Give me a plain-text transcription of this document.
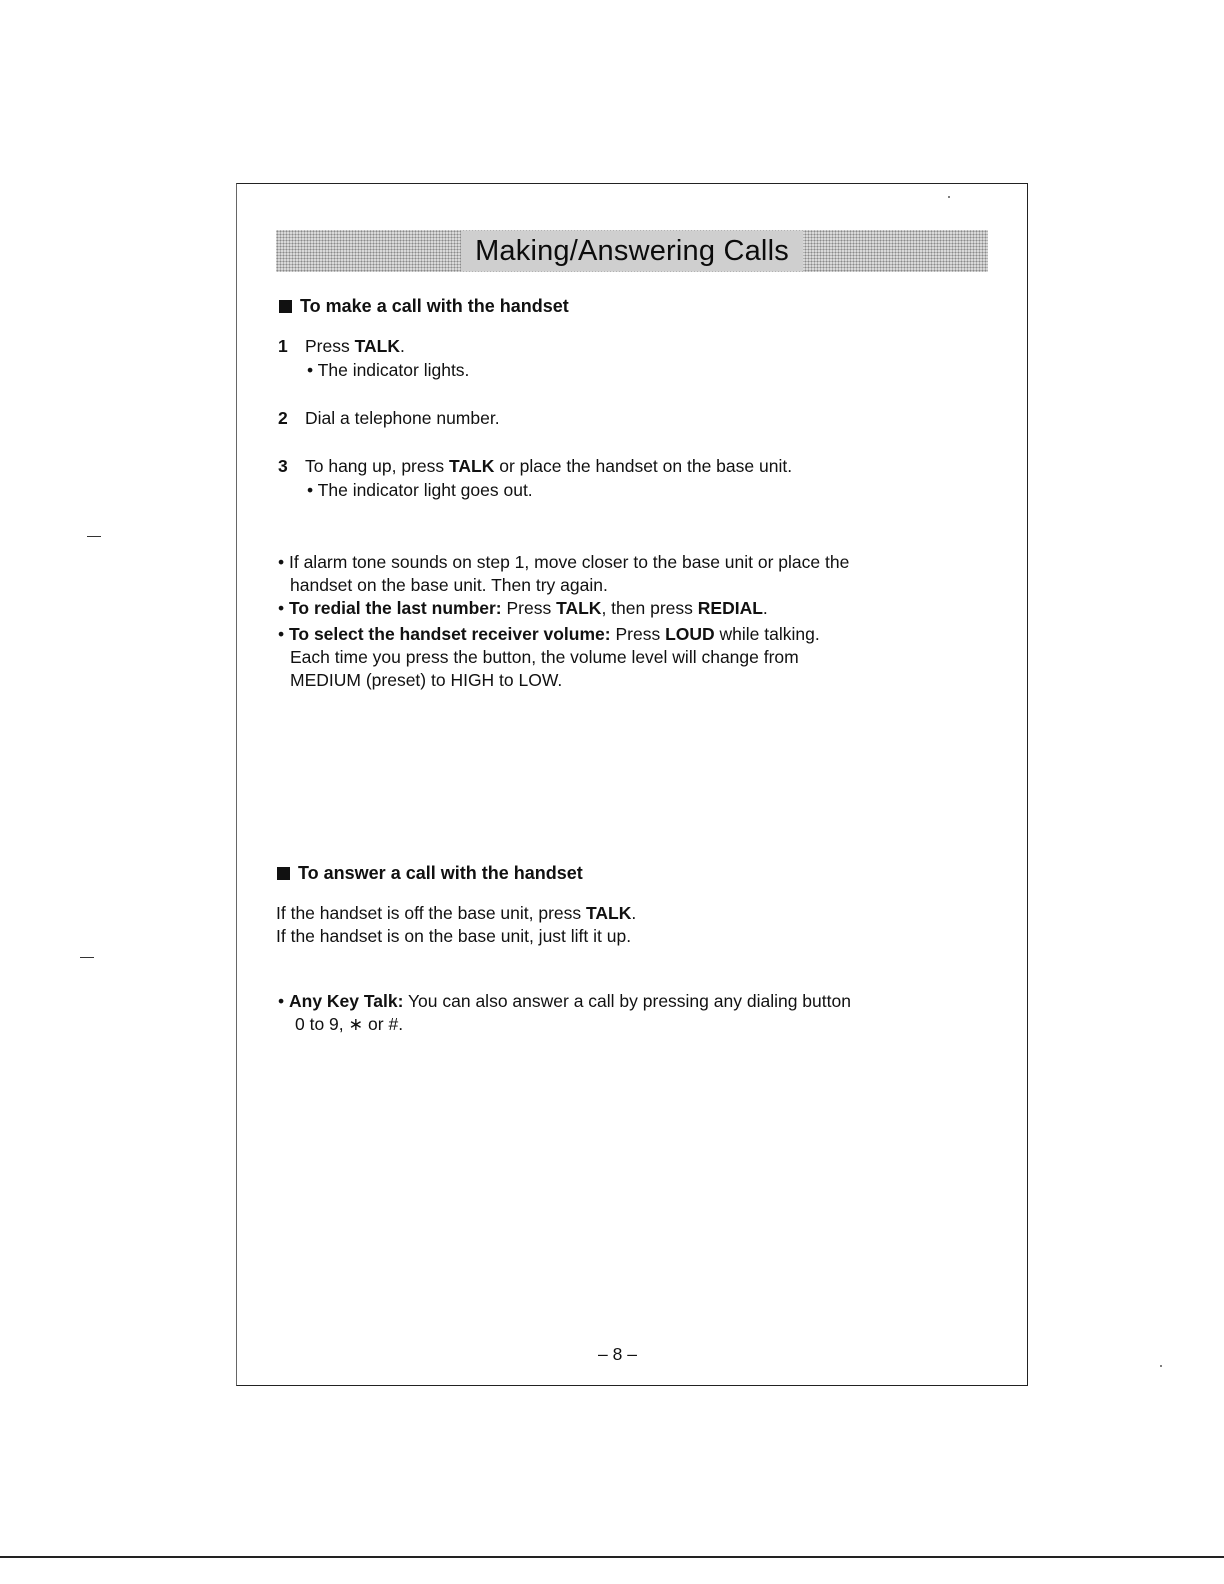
Making/Answering Calls
To make a call with the handset
1 Press TALK.
• The indicator lights.
2 Dial a telephone number.
3 To hang up, press TALK or place the handset on the base unit.
• The indicator light goes out.
• If alarm tone sounds on step 1, move closer to the base unit or place the
handset on the base unit. Then try again.
• To redial the last number: Press TALK, then press REDIAL.
• To select the handset receiver volume: Press LOUD while talking.
Each time you press the button, the volume level will change from
MEDIUM (preset) to HIGH to LOW.
To answer a call with the handset
If the handset is off the base unit, press TALK.
If the handset is on the base unit, just lift it up.
• Any Key Talk: You can also answer a call by pressing any dialing button
0 to 9, ∗ or #.
– 8 –
